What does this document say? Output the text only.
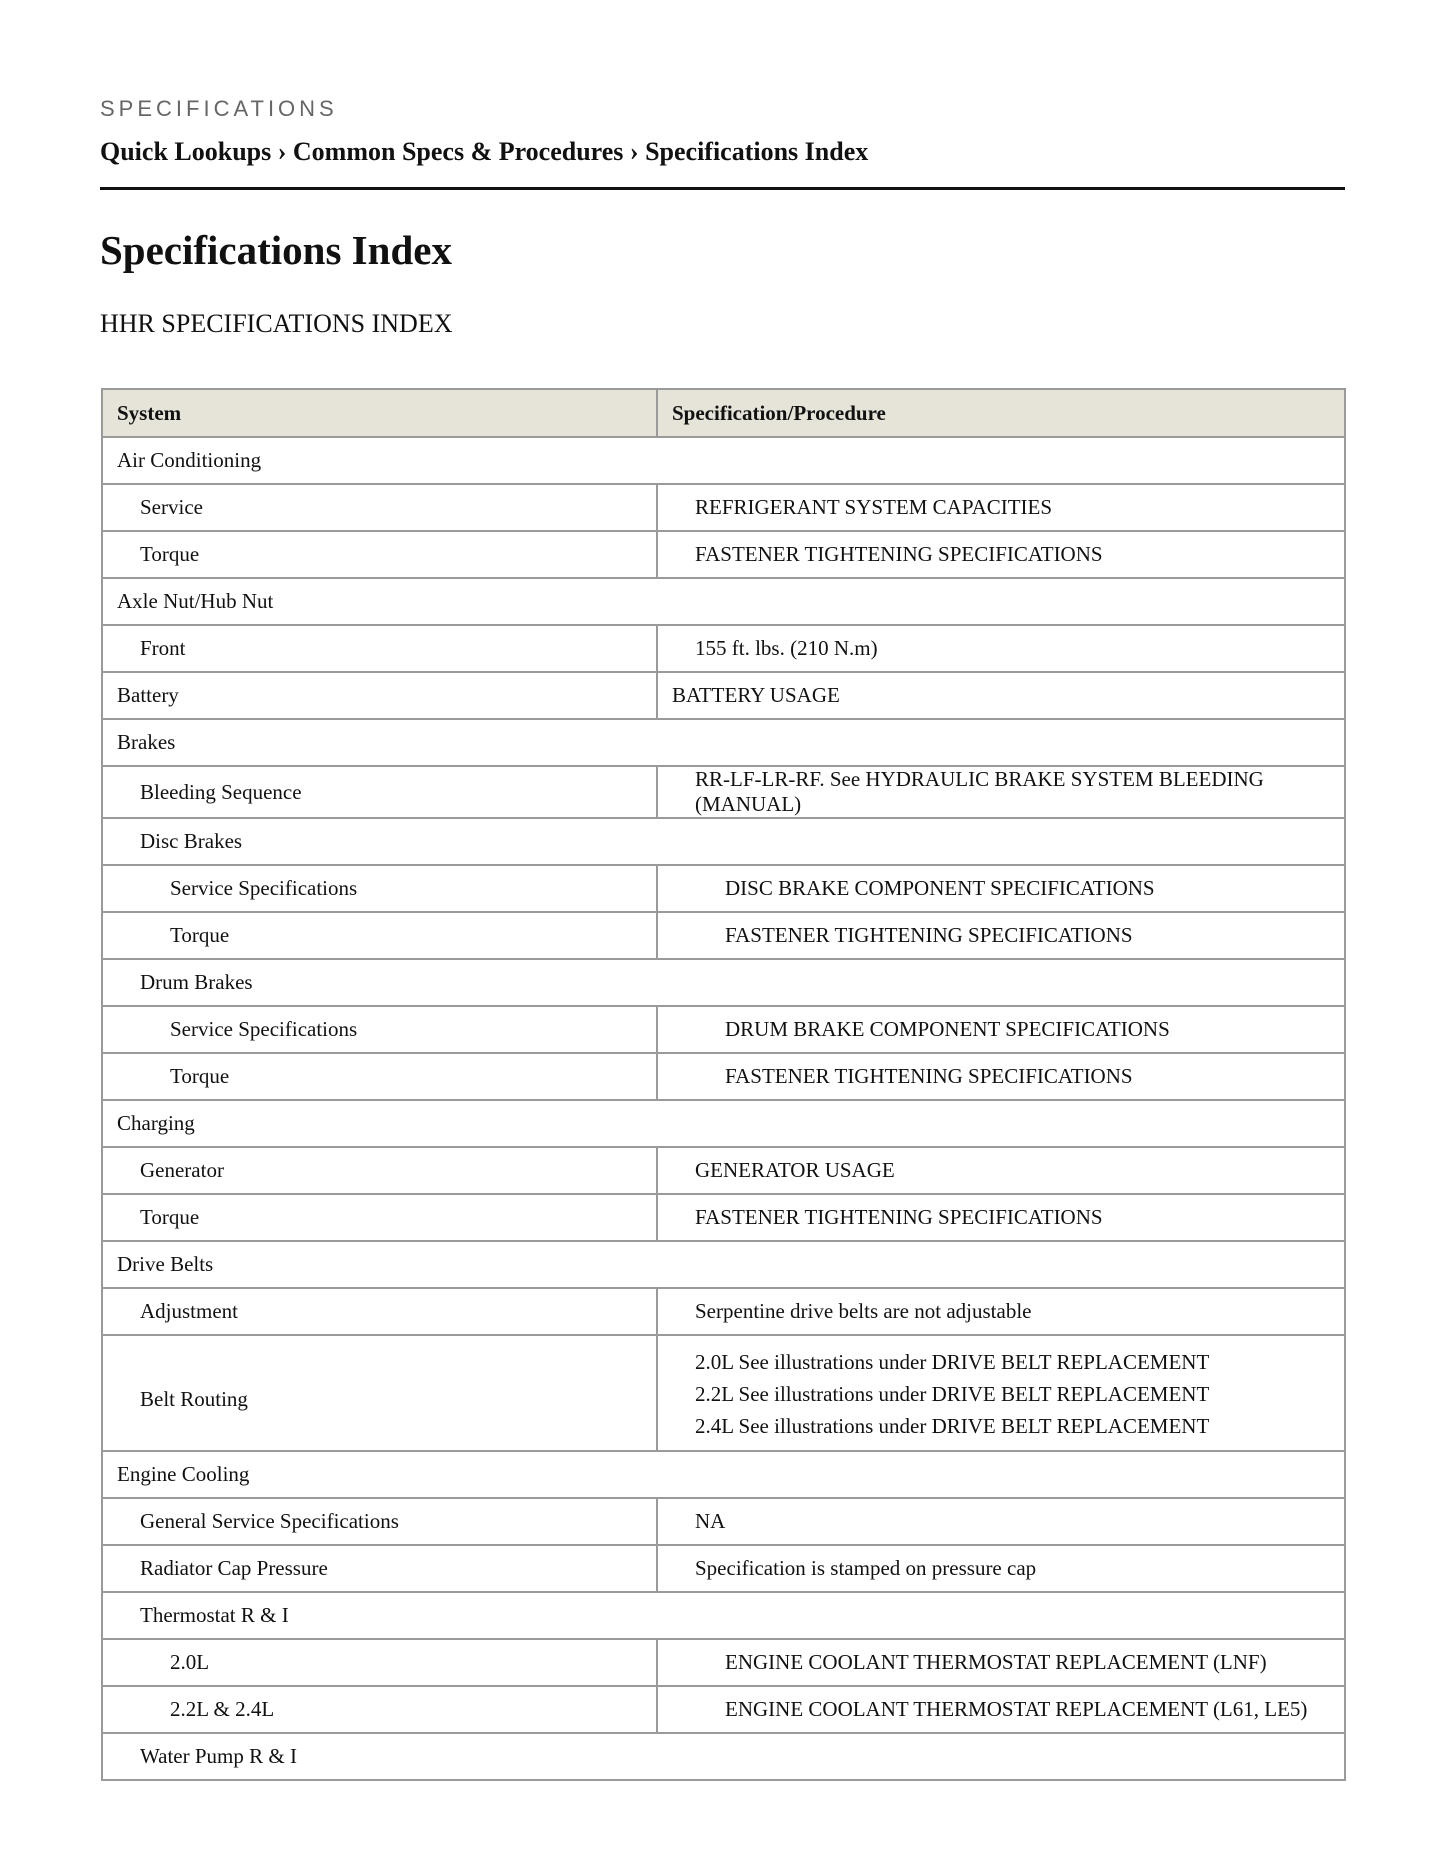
SPECIFICATIONS
Quick Lookups › Common Specs & Procedures › Specifications Index
Specifications Index
HHR SPECIFICATIONS INDEX
System	Specification/Procedure
Air Conditioning	
Service	REFRIGERANT SYSTEM CAPACITIES
Torque	FASTENER TIGHTENING SPECIFICATIONS
Axle Nut/Hub Nut	
Front	155 ft. lbs. (210 N.m)
Battery	BATTERY USAGE
Brakes	
Bleeding Sequence	RR-LF-LR-RF. See HYDRAULIC BRAKE SYSTEM BLEEDING (MANUAL)
Disc Brakes	
Service Specifications	DISC BRAKE COMPONENT SPECIFICATIONS
Torque	FASTENER TIGHTENING SPECIFICATIONS
Drum Brakes	
Service Specifications	DRUM BRAKE COMPONENT SPECIFICATIONS
Torque	FASTENER TIGHTENING SPECIFICATIONS
Charging	
Generator	GENERATOR USAGE
Torque	FASTENER TIGHTENING SPECIFICATIONS
Drive Belts	
Adjustment	Serpentine drive belts are not adjustable
Belt Routing	2.0L See illustrations under DRIVE BELT REPLACEMENT
2.2L See illustrations under DRIVE BELT REPLACEMENT
2.4L See illustrations under DRIVE BELT REPLACEMENT

Engine Cooling	
General Service Specifications	NA
Radiator Cap Pressure	Specification is stamped on pressure cap
Thermostat R & I	
2.0L	ENGINE COOLANT THERMOSTAT REPLACEMENT (LNF)
2.2L & 2.4L	ENGINE COOLANT THERMOSTAT REPLACEMENT (L61, LE5)
Water Pump R & I	
